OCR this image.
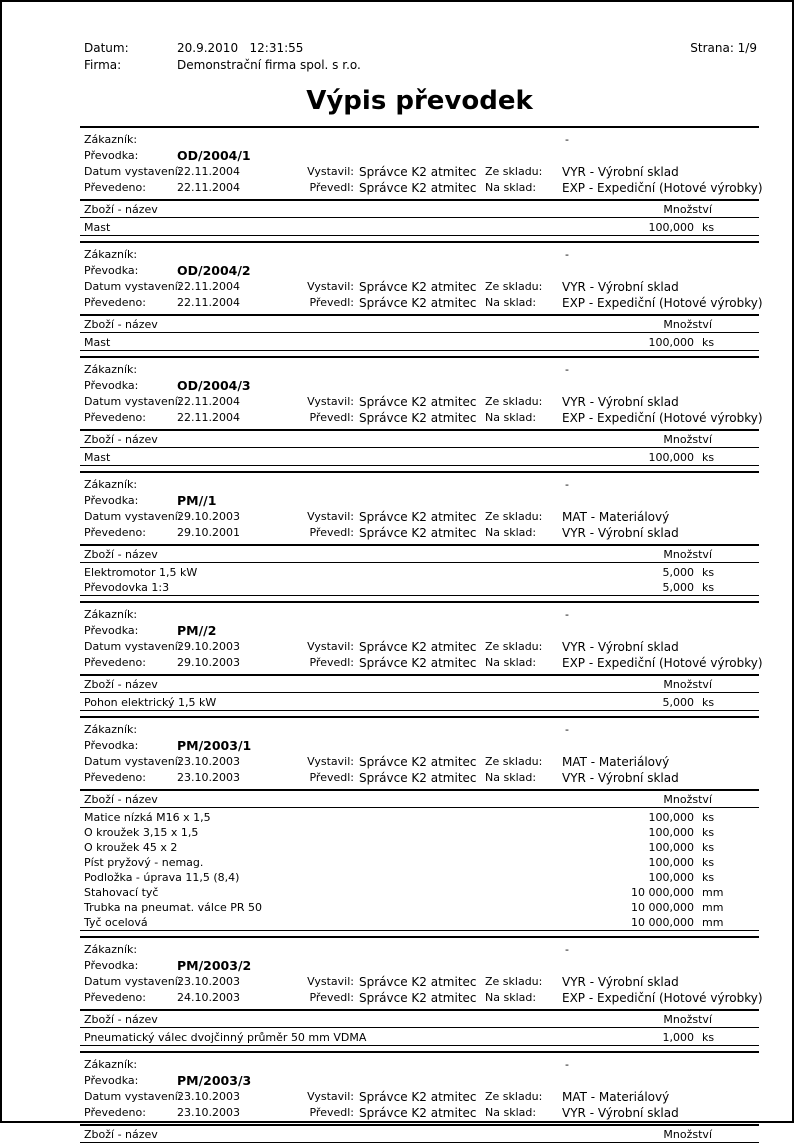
Datum:	20.9.2010   12:31:55	Strana: 1/9
Firma:	Demonstrační firma spol. s r.o.
Výpis převodek
Zákazník:	-
Převodka:	OD/2004/1
Datum vystavení:
22.11.2004	Vystavil: Správce K2 atmitec Ze skladu: VYR - Výrobní sklad
Převedeno:	22.11.2004	Převedl: Správce K2 atmitec Na sklad: EXP - Expediční (Hotové výrobky)
Zboží - název	Množství
Mast	100,000 ks
Zákazník:	-
Převodka:	OD/2004/2
Datum vystavení:
22.11.2004	Vystavil: Správce K2 atmitec Ze skladu: VYR - Výrobní sklad
Převedeno:	22.11.2004	Převedl: Správce K2 atmitec Na sklad: EXP - Expediční (Hotové výrobky)
Zboží - název	Množství
Mast	100,000 ks
Zákazník:	-
Převodka:	OD/2004/3
Datum vystavení:
22.11.2004	Vystavil: Správce K2 atmitec Ze skladu: VYR - Výrobní sklad
Převedeno:	22.11.2004	Převedl: Správce K2 atmitec Na sklad: EXP - Expediční (Hotové výrobky)
Zboží - název	Množství
Mast	100,000 ks
Zákazník:	-
Převodka:	PM//1
Datum vystavení:
29.10.2003	Vystavil: Správce K2 atmitec Ze skladu: MAT - Materiálový
Převedeno:	29.10.2001	Převedl: Správce K2 atmitec Na sklad: VYR - Výrobní sklad
Zboží - název	Množství
Elektromotor 1,5 kW	5,000 ks
Převodovka 1:3	5,000 ks
Zákazník:	-
Převodka:	PM//2
Datum vystavení:
29.10.2003	Vystavil: Správce K2 atmitec Ze skladu: VYR - Výrobní sklad
Převedeno:	29.10.2003	Převedl: Správce K2 atmitec Na sklad: EXP - Expediční (Hotové výrobky)
Zboží - název	Množství
Pohon elektrický 1,5 kW	5,000 ks
Zákazník:	-
Převodka:	PM/2003/1
Datum vystavení:
23.10.2003	Vystavil: Správce K2 atmitec Ze skladu: MAT - Materiálový
Převedeno:	23.10.2003	Převedl: Správce K2 atmitec Na sklad: VYR - Výrobní sklad
Zboží - název	Množství
Matice nízká M16 x 1,5	100,000 ks
O kroužek 3,15 x 1,5	100,000 ks
O kroužek 45 x 2	100,000 ks
Píst pryžový - nemag.	100,000 ks
Podložka - úprava 11,5 (8,4)	100,000 ks
Stahovací tyč	10 000,000 mm
Trubka na pneumat. válce PR 50	10 000,000 mm
Tyč ocelová	10 000,000 mm
Zákazník:	-
Převodka:	PM/2003/2
Datum vystavení:
23.10.2003	Vystavil: Správce K2 atmitec Ze skladu: VYR - Výrobní sklad
Převedeno:	24.10.2003	Převedl: Správce K2 atmitec Na sklad: EXP - Expediční (Hotové výrobky)
Zboží - název	Množství
Pneumatický válec dvojčinný průměr 50 mm VDMA	1,000 ks
Zákazník:	-
Převodka:	PM/2003/3
Datum vystavení:
23.10.2003	Vystavil: Správce K2 atmitec Ze skladu: MAT - Materiálový
Převedeno:	23.10.2003	Převedl: Správce K2 atmitec Na sklad: VYR - Výrobní sklad
Zboží - název	Množství
